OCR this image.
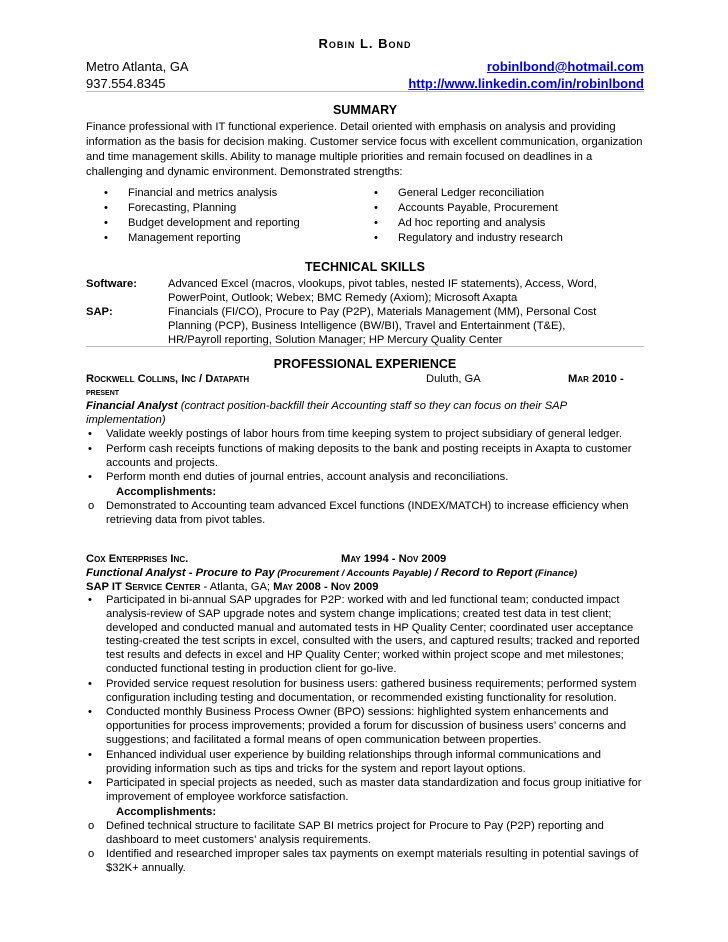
Robin L. Bond
Metro Atlanta, GA
937.554.8345
robinlbond@hotmail.com
http://www.linkedin.com/in/robinlbond
SUMMARY
Finance professional with IT functional experience. Detail oriented with emphasis on analysis and providing information as the basis for decision making. Customer service focus with excellent communication, organization and time management skills. Ability to manage multiple priorities and remain focused on deadlines in a challenging and dynamic environment. Demonstrated strengths:
• Financial and metrics analysis
• Forecasting, Planning
• Budget development and reporting
• Management reporting
• General Ledger reconciliation
• Accounts Payable, Procurement
• Ad hoc reporting and analysis
• Regulatory and industry research
TECHNICAL SKILLS
Software:	Advanced Excel (macros, vlookups, pivot tables, nested IF statements), Access, Word,
PowerPoint, Outlook; Webex; BMC Remedy (Axiom); Microsoft Axapta
SAP:	Financials (FI/CO), Procure to Pay (P2P), Materials Management (MM), Personal Cost
Planning (PCP), Business Intelligence (BW/BI), Travel and Entertainment (T&E),
HR/Payroll reporting, Solution Manager; HP Mercury Quality Center
PROFESSIONAL EXPERIENCE
Rockwell Collins, Inc / Datapath	Duluth, GA	Mar 2010 -
present
Financial Analyst (contract position-backfill their Accounting staff so they can focus on their SAP implementation)
• Validate weekly postings of labor hours from time keeping system to project subsidiary of general ledger.
• Perform cash receipts functions of making deposits to the bank and posting receipts in Axapta to customer accounts and projects.
• Perform month end duties of journal entries, account analysis and reconciliations.
Accomplishments:
o Demonstrated to Accounting team advanced Excel functions (INDEX/MATCH) to increase efficiency when retrieving data from pivot tables.
Cox Enterprises Inc.	May 1994 - Nov 2009
Functional Analyst - Procure to Pay (Procurement / Accounts Payable) / Record to Report (Finance)
SAP IT Service Center - Atlanta, GA; May 2008 - Nov 2009
• Participated in bi-annual SAP upgrades for P2P: worked with and led functional team; conducted impact analysis-review of SAP upgrade notes and system change implications; created test data in test client; developed and conducted manual and automated tests in HP Quality Center; coordinated user acceptance testing-created the test scripts in excel, consulted with the users, and captured results; tracked and reported test results and defects in excel and HP Quality Center; worked within project scope and met milestones; conducted functional testing in production client for go-live.
• Provided service request resolution for business users: gathered business requirements; performed system configuration including testing and documentation, or recommended existing functionality for resolution.
• Conducted monthly Business Process Owner (BPO) sessions: highlighted system enhancements and opportunities for process improvements; provided a forum for discussion of business users’ concerns and suggestions; and facilitated a formal means of open communication between properties.
• Enhanced individual user experience by building relationships through informal communications and providing information such as tips and tricks for the system and report layout options.
• Participated in special projects as needed, such as master data standardization and focus group initiative for improvement of employee workforce satisfaction.
Accomplishments:
o Defined technical structure to facilitate SAP BI metrics project for Procure to Pay (P2P) reporting and dashboard to meet customers’ analysis requirements.
o Identified and researched improper sales tax payments on exempt materials resulting in potential savings of $32K+ annually.
